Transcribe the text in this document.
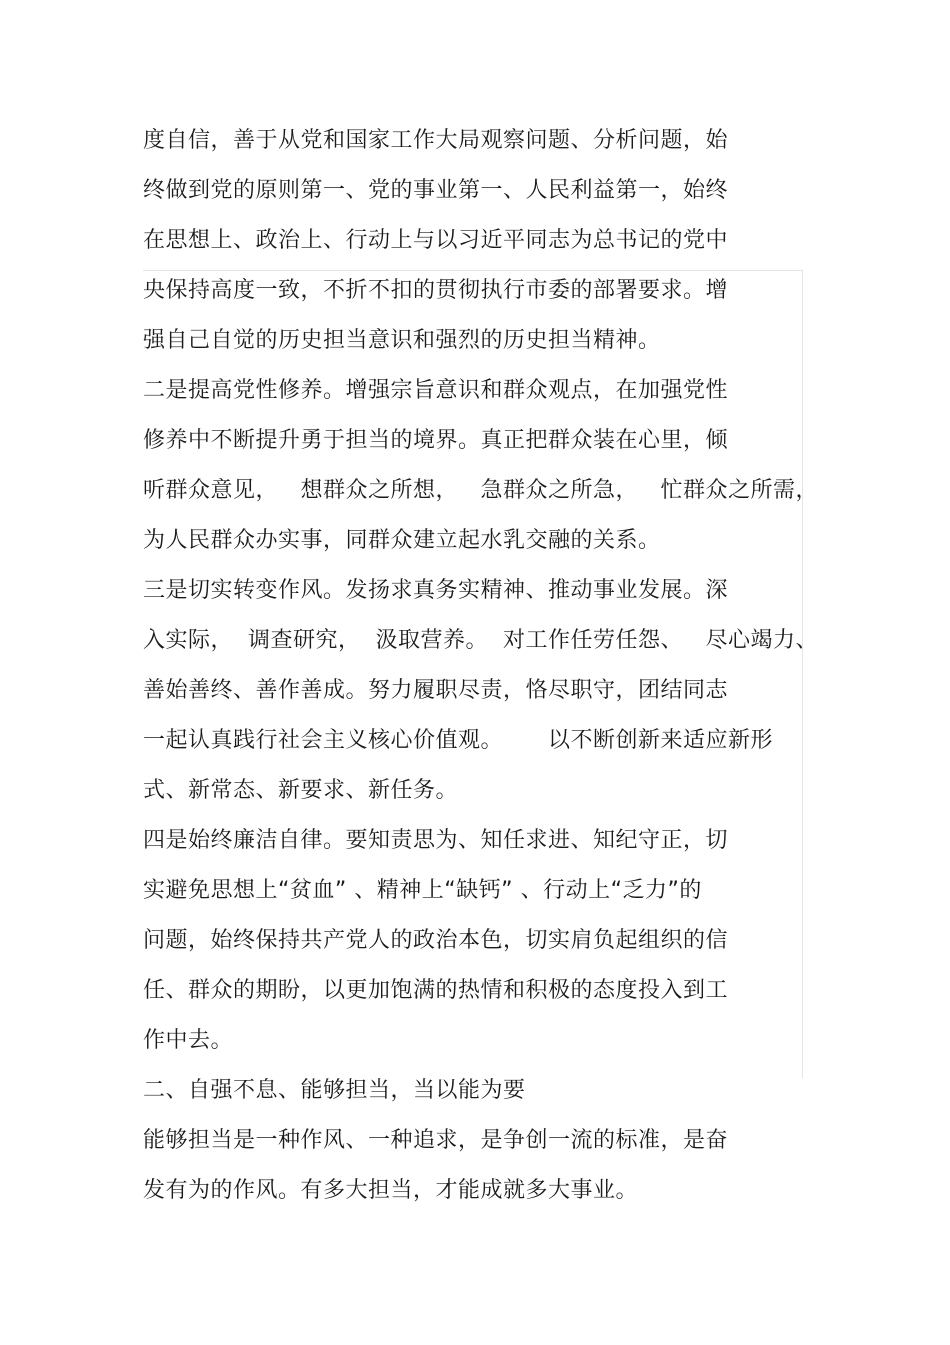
度自信，善于从党和国家工作大局观察问题、分析问题，始
终做到党的原则第一、党的事业第一、人民利益第一，始终
在思想上、政治上、行动上与以习近平同志为总书记的党中
央保持高度一致，不折不扣的贯彻执行市委的部署要求。增
强自己自觉的历史担当意识和强烈的历史担当精神。
二是提高党性修养。增强宗旨意识和群众观点，在加强党性
修养中不断提升勇于担当的境界。真正把群众装在心里，倾
听群众意见，   想群众之所想，   急群众之所急，   忙群众之所需，
为人民群众办实事，同群众建立起水乳交融的关系。
三是切实转变作风。发扬求真务实精神、推动事业发展。深
入实际，  调查研究，  汲取营养。  对工作任劳任怨、   尽心竭力、
善始善终、善作善成。努力履职尽责，恪尽职守，团结同志
一起认真践行社会主义核心价值观。      以不断创新来适应新形
式、新常态、新要求、新任务。
四是始终廉洁自律。要知责思为、知任求进、知纪守正，切
实避免思想上“贫血” 、精神上“缺钙” 、行动上“乏力”的
问题，始终保持共产党人的政治本色，切实肩负起组织的信
任、群众的期盼，以更加饱满的热情和积极的态度投入到工
作中去。
二、自强不息、能够担当，当以能为要
能够担当是一种作风、一种追求，是争创一流的标准，是奋
发有为的作风。有多大担当，才能成就多大事业。
